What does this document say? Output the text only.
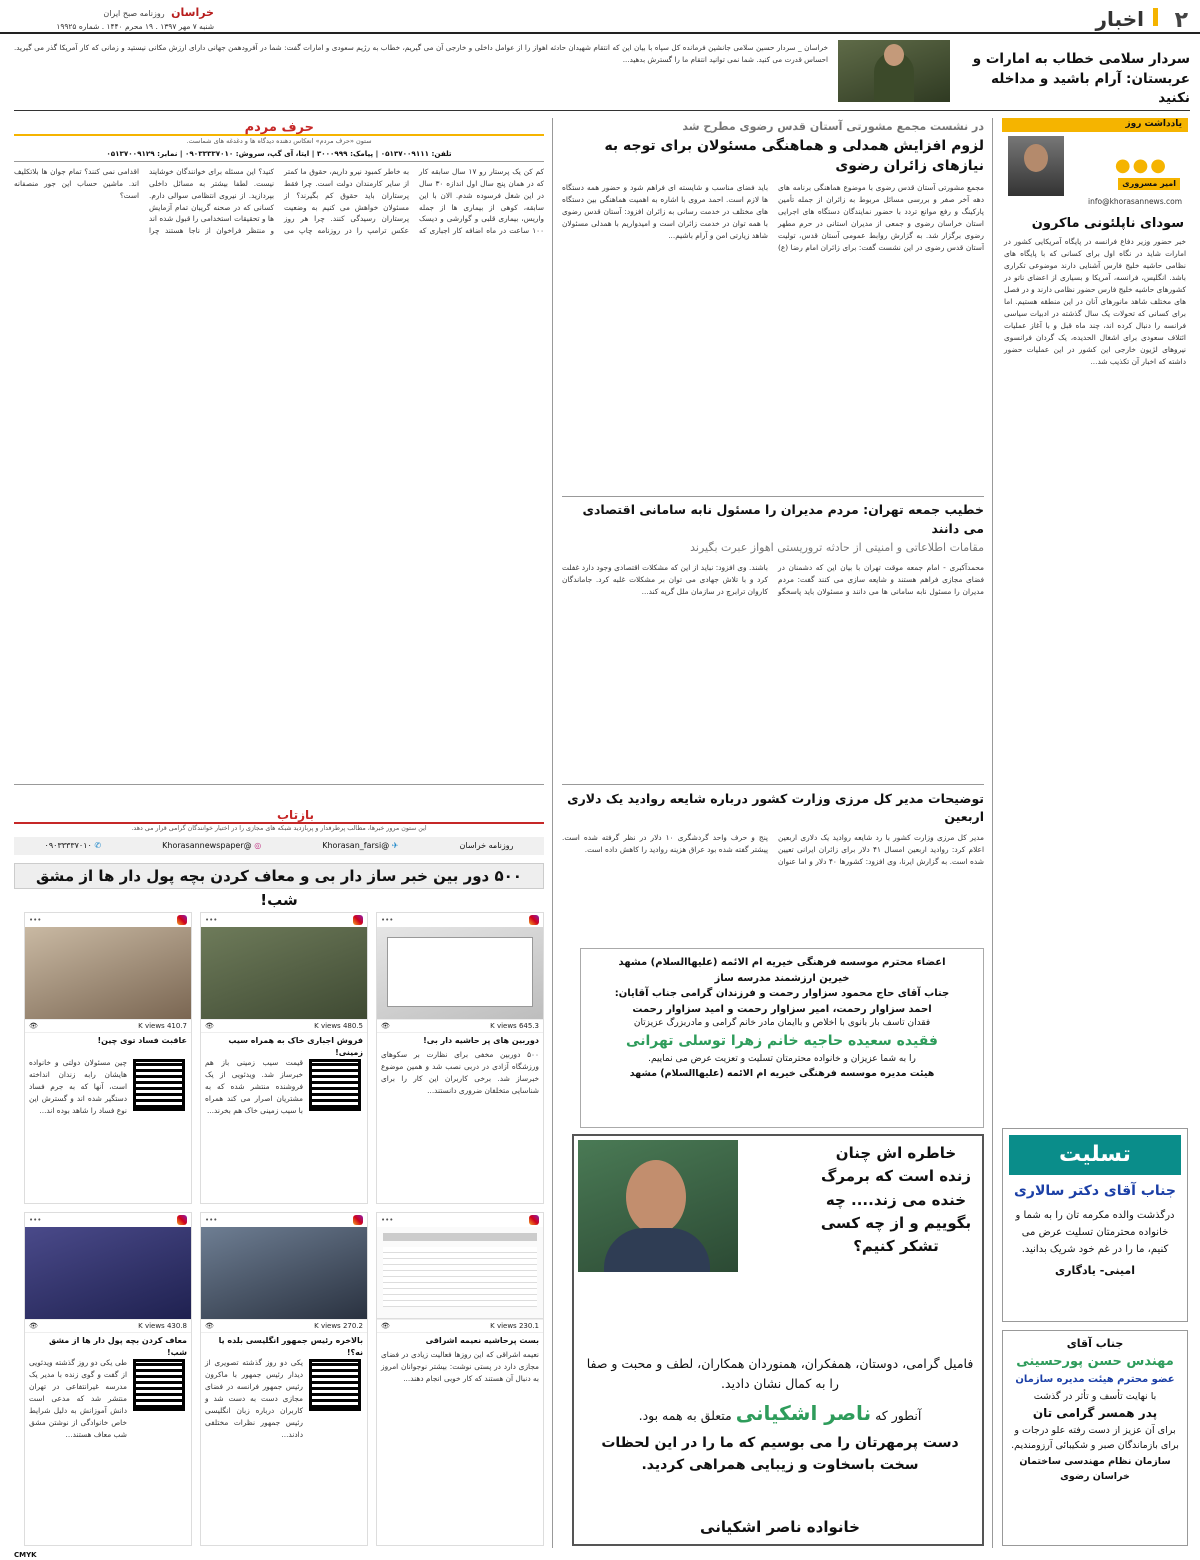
۲
اخبار
خراسان روزنامه صبح ایران
شنبه ۷ مهر ۱۳۹۷ . ۱۹ محرم ۱۴۴۰ . شماره ۱۹۹۲۵
سردار سلامی خطاب به امارات و عربستان: آرام باشید و مداخله نکنید
خراسان _ سردار حسین سلامی جانشین فرمانده کل سپاه با بیان این که انتقام شهیدان حادثه اهواز را از عوامل داخلی و خارجی آن می گیریم، خطاب به رژیم سعودی و امارات گفت: شما در آفرودهمن جهانی دارای ارزش مکانی نیستید و زمانی که کار آمریکا گذر می گیرید. احساس قدرت می کنید. شما نمی توانید انتقام ما را گسترش بدهید...
یادداشت روز
●●●
امیر مسروری
info@khorasannews.com
سودای ناپلئونی ماکرون
خبر حضور وزیر دفاع فرانسه در پایگاه آمریکایی کشور در امارات شاید در نگاه اول برای کسانی که با پایگاه های نظامی حاشیه خلیج فارس آشنایی دارند موضوعی تکراری باشد. انگلیس، فرانسه، آمریکا و بسیاری از اعضای ناتو در کشورهای حاشیه خلیج فارس حضور نظامی دارند و در فصل های مختلف شاهد مانورهای آنان در این منطقه هستیم. اما برای کسانی که تحولات یک سال گذشته در ادبیات سیاسی فرانسه را دنبال کرده اند، چند ماه قبل و با آغاز عملیات ائتلاف سعودی برای اشغال الحدیده، یک گردان فرانسوی نیروهای لژیون خارجی این کشور در این عملیات حضور داشته که اخبار آن تکذیب شد...
تسلیت
جناب آقای دکتر سالاری
درگذشت والده مکرمه تان را به شما و خانواده محترمتان تسلیت عرض می کنیم، ما را در غم خود شریک بدانید.
امینی- یادگاری
جناب آقای
مهندس حسن پورحسینی
عضو محترم هیئت مدیره سازمان
با نهایت تأسف و تأثر در گذشت
پدر همسر گرامی تان
برای آن عزیز از دست رفته علو درجات و برای بازماندگان صبر و شکیبائی آرزومندیم.
سازمان نظام مهندسی ساختمان خراسان رضوی
در نشست مجمع مشورتی آستان قدس رضوی مطرح شد
لزوم افزایش همدلی و هماهنگی مسئولان برای توجه به نیازهای زائران رضوی
مجمع مشورتی آستان قدس رضوی با موضوع هماهنگی برنامه های دهه آخر صفر و بررسی مسائل مربوط به زائران از جمله تأمین پارکینگ و رفع موانع تردد با حضور نمایندگان دستگاه های اجرایی استان خراسان رضوی و جمعی از مدیران استانی در حرم مطهر رضوی برگزار شد. به گزارش روابط عمومی آستان قدس، تولیت آستان قدس رضوی در این نشست گفت: برای زائران امام رضا (ع) باید فضای مناسب و شایسته ای فراهم شود و حضور همه دستگاه ها لازم است. احمد مروی با اشاره به اهمیت هماهنگی بین دستگاه های مختلف در خدمت رسانی به زائران افزود: آستان قدس رضوی با همه توان در خدمت زائران است و امیدواریم با همدلی مسئولان شاهد زیارتی امن و آرام باشیم...
خطیب جمعه تهران: مردم مدیران را مسئول نابه سامانی اقتصادی می دانند
مقامات اطلاعاتی و امنیتی از حادثه تروریستی اهواز عبرت بگیرند
محمدآکبری - امام جمعه موقت تهران با بیان این که دشمنان در فضای مجازی فراهم هستند و شایعه سازی می کنند گفت: مردم مدیران را مسئول نابه سامانی ها می دانند و مسئولان باید پاسخگو باشند. وی افزود: نباید از این که مشکلات اقتصادی وجود دارد غفلت کرد و با تلاش جهادی می توان بر مشکلات غلبه کرد. جاماندگان کاروان ترابرچ در سازمان ملل گریه کند...
توضیحات مدیر کل مرزی وزارت کشور درباره شایعه روادید یک دلاری اربعین
مدیر کل مرزی وزارت کشور با رد شایعه روادید یک دلاری اربعین اعلام کرد: روادید اربعین امسال ۴۱ دلار برای زائران ایرانی تعیین شده است. به گزارش ایرنا، وی افزود: کشورها ۴۰ دلار و اما عنوان پنج و حرف واحد گردشگری ۱۰ دلار در نظر گرفته شده است. پیشتر گفته شده بود عراق هزینه روادید را کاهش داده است.
حرف مردم
ستون «حرف مردم» انعکاس دهنده دیدگاه ها و دغدغه های شماست.
تلفن: ۰۵۱۳۷۰۰۹۱۱۱ | پیامک: ۳۰۰۰۹۹۹ | ایتا، آی گپ، سروش: ۰۹۰۳۳۳۳۷۰۱۰ | نمابر: ۰۵۱۳۷۰۰۹۱۲۹
کم کن یک پرستار رو ۱۷ سال سابقه کار که در همان پنج سال اول اندازه ۳۰ سال در این شغل فرسوده شدم. الان با این سابقه، کوهی از بیماری ها از جمله واریس، بیماری قلبی و گوارشی و دیسک ۱۰۰ ساعت در ماه اضافه کار اجباری که به خاطر کمبود نیرو داریم، حقوق ما کمتر از سایر کارمندان دولت است. چرا فقط پرستاران باید حقوق کم بگیرند؟ از مسئولان خواهش می کنیم به وضعیت پرستاران رسیدگی کنند. چرا هر روز عکس ترامپ را در روزنامه چاپ می کنید؟ این مسئله برای خوانندگان خوشایند نیست. لطفا بیشتر به مسائل داخلی بپردازید. از نیروی انتظامی سوالی دارم. کسانی که در صحنه گریبان تمام آزمایش ها و تحقیقات استخدامی را قبول شده اند و منتظر فراخوان از ناجا هستند چرا اقدامی نمی کنند؟ تمام جوان ها بلاتکلیف اند. ماشین حساب این جور منصفانه است؟
بازتاب
این ستون مرور خبرها، مطالب پرطرفدار و پربازدید شبکه های مجازی را در اختیار خوانندگان گرامی قرار می دهد.
روزنامه خراسان
✈ @Khorasan_farsi
◎ @Khorasannewspaper
✆ ۰۹۰۳۳۳۳۷۰۱۰
۵۰۰ دور بین خبر ساز دار بی و معاف کردن بچه پول دار ها از مشق شب!
•••
645.3 K views
👁
دوربین های پر حاشیه دار بی!
۵۰۰ دوربین مخفی برای نظارت بر سکوهای ورزشگاه آزادی در دربی نصب شد و همین موضوع خبرساز شد. برخی کاربران این کار را برای شناسایی متخلفان ضروری دانستند...
•••
480.5 K views
👁
فروش اجباری خاک به همراه سیب زمینی!
قیمت سیب زمینی باز هم خبرساز شد. ویدئویی از یک فروشنده منتشر شده که به مشتریان اصرار می کند همراه با سیب زمینی خاک هم بخرند...
•••
410.7 K views
👁
عاقبت فساد توی چین!
چین مسئولان دولتی و خانواده هایشان رابه زندان انداخته است، آنها که به جرم فساد دستگیر شده اند و گسترش این نوع فساد را شاهد بوده اند...
•••
230.1 K views
👁
بست پرحاشیه نعیمه اشراقی
نعیمه اشراقی که این روزها فعالیت زیادی در فضای مجازی دارد در پستی نوشت: بیشتر نوجوانان امروز به دنبال آن هستند که کار خوبی انجام دهند...
•••
270.2 K views
👁
بالاخره رئیس جمهور انگلیسی بلده یا نه؟!
یکی دو روز گذشته تصویری از دیدار رئیس جمهور با ماکرون رئیس جمهور فرانسه در فضای مجازی دست به دست شد و کاربران درباره زبان انگلیسی رئیس جمهور نظرات مختلفی دادند...
•••
430.8 K views
👁
معاف کردن بچه پول دار ها از مشق شب!
طی یکی دو روز گذشته ویدئویی از گفت و گوی زنده با مدیر یک مدرسه غیرانتفاعی در تهران منتشر شد که مدعی است دانش آموزانش به دلیل شرایط خاص خانوادگی از نوشتن مشق شب معاف هستند...
اعضاء محترم موسسه فرهنگی خیریه ام الائمه (علیهاالسلام) مشهد
خیرین ارزشمند مدرسه ساز
جناب آقای حاج محمود سزاوار رحمت و فرزندان گرامی جناب آقایان:
احمد سزاوار رحمت، امیر سزاوار رحمت و امید سزاوار رحمت
فقدان تاسف بار بانوی با اخلاص و باایمان مادر خانم گرامی و مادربزرگ عزیزتان
فقیده سعیده حاجیه خانم زهرا توسلی تهرانی
را به شما عزیزان و خانواده محترمتان تسلیت و تعزیت عرض می نماییم.
هیئت مدیره موسسه فرهنگی خیریه ام الائمه (علیهاالسلام) مشهد
خاطره اش چنان زنده است که برمرگ خنده می زند.... چه بگوییم و از چه کسی تشکر کنیم؟
فامیل گرامی، دوستان، همفکران، همنوردان همکاران، لطف و محبت و صفا را به کمال نشان دادید.
آنطور که ناصر اشکیانی متعلق به همه بود.
دست پرمهرتان را می بوسیم که ما را در این لحظات سخت باسخاوت و زیبایی همراهی کردید.
خانواده ناصر اشکیانی
CMYK
